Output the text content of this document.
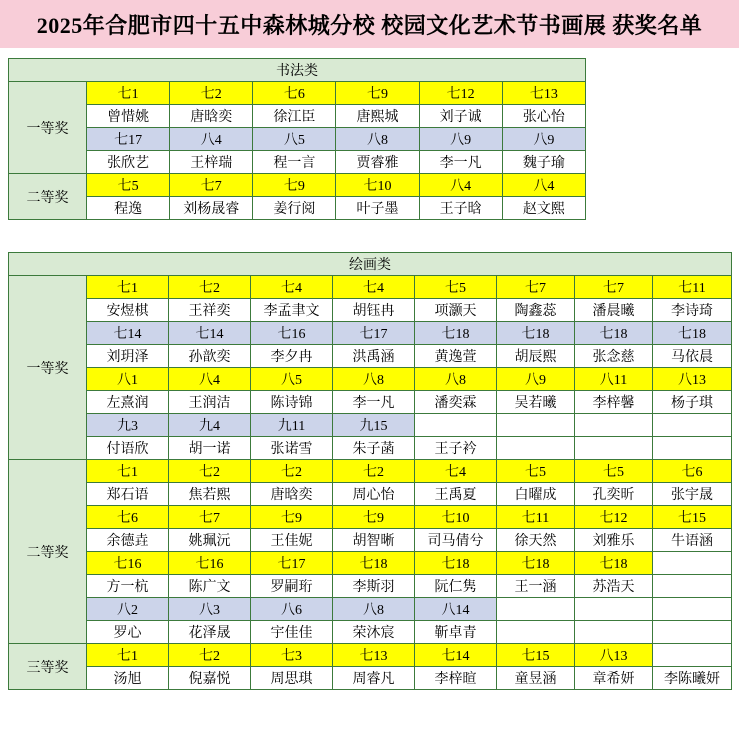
2025年合肥市四十五中森林城分校 校园文化艺术节书画展 获奖名单
书法类						
一等奖	七1	七2	七6	七9	七12	七13
	曾惜姚	唐晗奕	徐江臣	唐熙城	刘子诚	张心怡
	七17	八4	八5	八8	八9	八9
	张欣艺	王梓瑞	程一言	贾睿雅	李一凡	魏子瑜
二等奖	七5	七7	七9	七10	八4	八4
	程逸	刘杨晟睿	姜行阅	叶子墨	王子晗	赵文熙
绘画类								
一等奖	七1	七2	七4	七4	七5	七7	七7	七11
	安煜棋	王祥奕	李孟聿文	胡钰冉	项灏天	陶鑫蕊	潘晨曦	李诗琦
	七14	七14	七16	七17	七18	七18	七18	七18
	刘玥泽	孙歆奕	李夕冉	洪禹涵	黄逸萱	胡辰熙	张念慈	马依晨
	八1	八4	八5	八8	八8	八9	八11	八13
	左熹润	王润洁	陈诗锦	李一凡	潘奕霖	吴若曦	李梓馨	杨子琪
	九3	九4	九11	九15				
	付语欣	胡一诺	张诺雪	朱子菡	王子衿			
二等奖	七1	七2	七2	七2	七4	七5	七5	七6
	郑石语	焦若熙	唐晗奕	周心怡	王禹夏	白曜成	孔奕昕	张宇晟
	七6	七7	七9	七9	七10	七11	七12	七15
	余德垚	姚珮沅	王佳妮	胡智晰	司马倩兮	徐天然	刘雅乐	牛语涵
	七16	七16	七17	七18	七18	七18	七18	
	方一杭	陈广文	罗嗣珩	李斯羽	阮仁隽	王一涵	苏浩天	
	八2	八3	八6	八8	八14			
	罗心	花泽晟	宇佳佳	荣沐宸	靳卓青			
三等奖	七1	七2	七3	七13	七14	七15	八13	
	汤旭	倪嘉悦	周思琪	周睿凡	李梓暄	童昱涵	章希妍	李陈曦妍
